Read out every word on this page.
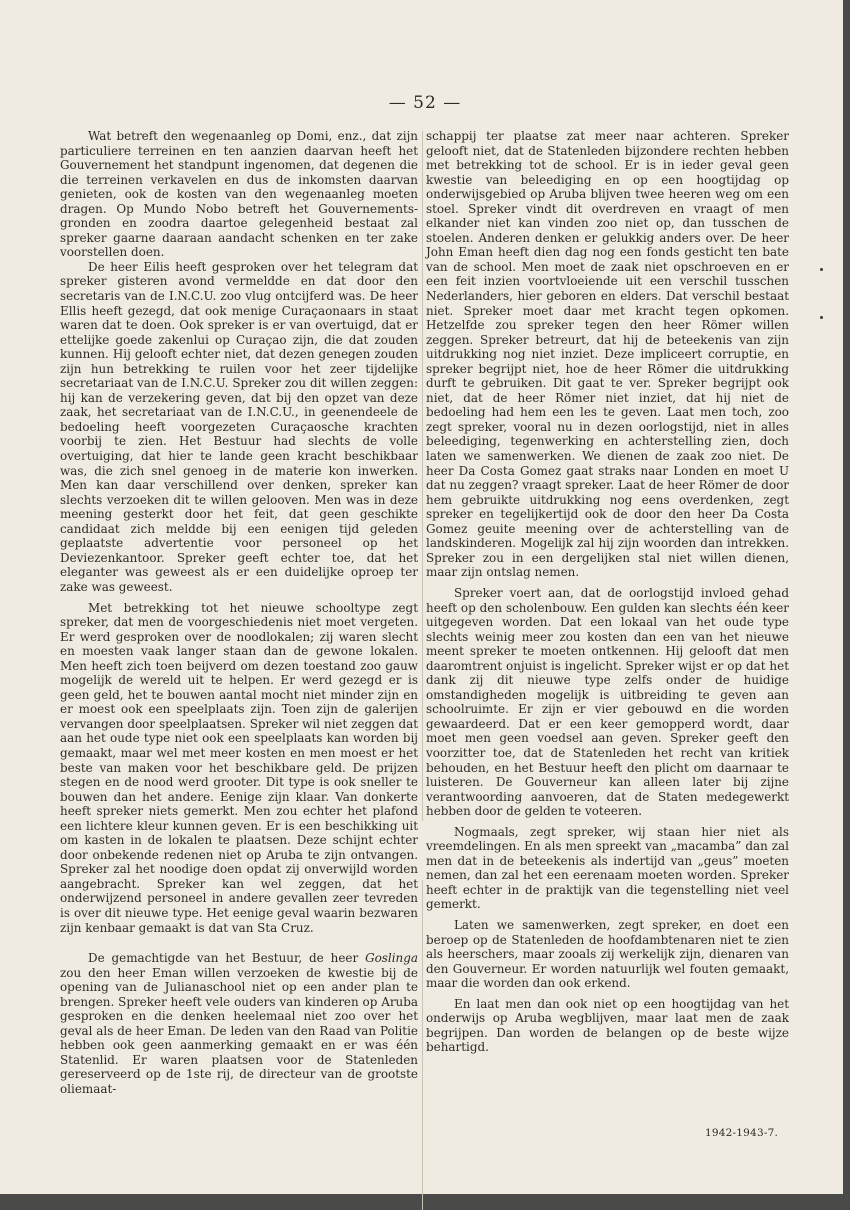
— 52 —

Wat betreft den wegenaanleg op Domi, enz., dat zijn particuliere terreinen en ten aanzien daarvan heeft het Gouvernement het standpunt ingenomen, dat degenen die die terreinen verkavelen en dus de inkomsten daarvan genieten, ook de kosten van den wegenaanleg moeten dragen. Op Mundo Nobo betreft het Gouvernements-gronden en zoodra daartoe gelegenheid bestaat zal spreker gaarne daaraan aandacht schenken en ter zake voorstellen doen.

De heer Eilis heeft gesproken over het telegram dat spreker gisteren avond vermeldde en dat door den secretaris van de I.N.C.U. zoo vlug ontcijferd was. De heer Ellis heeft gezegd, dat ook menige Curaçaonaars in staat waren dat te doen. Ook spreker is er van overtuigd, dat er ettelijke goede zakenlui op Curaçao zijn, die dat zouden kunnen. Hij gelooft echter niet, dat dezen genegen zouden zijn hun betrekking te ruilen voor het zeer tijdelijke secretariaat van de I.N.C.U. Spreker zou dit willen zeggen: hij kan de verzekering geven, dat bij den opzet van deze zaak, het secretariaat van de I.N.C.U., in geenendeele de bedoeling heeft voorgezeten Curaçaosche krachten voorbij te zien. Het Bestuur had slechts de volle overtuiging, dat hier te lande geen kracht beschikbaar was, die zich snel genoeg in de materie kon inwerken. Men kan daar verschillend over denken, spreker kan slechts verzoeken dit te willen gelooven. Men was in deze meening gesterkt door het feit, dat geen geschikte candidaat zich meldde bij een eenigen tijd geleden geplaatste advertentie voor personeel op het Deviezenkantoor. Spreker geeft echter toe, dat het eleganter was geweest als er een duidelijke oproep ter zake was geweest.

Met betrekking tot het nieuwe schooltype zegt spreker, dat men de voorgeschiedenis niet moet vergeten. Er werd gesproken over de noodlokalen; zij waren slecht en moesten vaak langer staan dan de gewone lokalen. Men heeft zich toen beijverd om dezen toestand zoo gauw mogelijk de wereld uit te helpen. Er werd gezegd er is geen geld, het te bouwen aantal mocht niet minder zijn en er moest ook een speelplaats zijn. Toen zijn de galerijen vervangen door speelplaatsen. Spreker wil niet zeggen dat aan het oude type niet ook een speelplaats kan worden bij gemaakt, maar wel met meer kosten en men moest er het beste van maken voor het beschikbare geld. De prijzen stegen en de nood werd grooter. Dit type is ook sneller te bouwen dan het andere. Eenige zijn klaar. Van donkerte heeft spreker niets gemerkt. Men zou echter het plafond een lichtere kleur kunnen geven. Er is een beschikking uit om kasten in de lokalen te plaatsen. Deze schijnt echter door onbekende redenen niet op Aruba te zijn ontvangen. Spreker zal het noodige doen opdat zij onverwijld worden aangebracht. Spreker kan wel zeggen, dat het onderwijzend personeel in andere gevallen zeer tevreden is over dit nieuwe type. Het eenige geval waarin bezwaren zijn kenbaar gemaakt is dat van Sta Cruz.

De gemachtigde van het Bestuur, de heer Goslinga zou den heer Eman willen verzoeken de kwestie bij de opening van de Julianaschool niet op een ander plan te brengen. Spreker heeft vele ouders van kinderen op Aruba gesproken en die denken heelemaal niet zoo over het geval als de heer Eman. De leden van den Raad van Politie hebben ook geen aanmerking gemaakt en er was één Statenlid. Er waren plaatsen voor de Statenleden gereserveerd op de 1ste rij, de directeur van de grootste oliemaat-

schappij ter plaatse zat meer naar achteren. Spreker gelooft niet, dat de Statenleden bijzondere rechten hebben met betrekking tot de school. Er is in ieder geval geen kwestie van beleediging en op een hoogtijdag op onderwijsgebied op Aruba blijven twee heeren weg om een stoel. Spreker vindt dit overdreven en vraagt of men elkander niet kan vinden zoo niet op, dan tusschen de stoelen. Anderen denken er gelukkig anders over. De heer John Eman heeft dien dag nog een fonds gesticht ten bate van de school. Men moet de zaak niet opschroeven en er een feit inzien voortvloeiende uit een verschil tusschen Nederlanders, hier geboren en elders. Dat verschil bestaat niet. Spreker moet daar met kracht tegen opkomen. Hetzelfde zou spreker tegen den heer Römer willen zeggen. Spreker betreurt, dat hij de beteekenis van zijn uitdrukking nog niet inziet. Deze impliceert corruptie, en spreker begrijpt niet, hoe de heer Römer die uitdrukking durft te gebruiken. Dit gaat te ver. Spreker begrijpt ook niet, dat de heer Römer niet inziet, dat hij niet de bedoeling had hem een les te geven. Laat men toch, zoo zegt spreker, vooral nu in dezen oorlogstijd, niet in alles beleediging, tegenwerking en achterstelling zien, doch laten we samenwerken. We dienen de zaak zoo niet. De heer Da Costa Gomez gaat straks naar Londen en moet U dat nu zeggen? vraagt spreker. Laat de heer Römer de door hem gebruikte uitdrukking nog eens overdenken, zegt spreker en tegelijkertijd ook de door den heer Da Costa Gomez geuite meening over de achterstelling van de landskinderen. Mogelijk zal hij zijn woorden dan intrekken. Spreker zou in een dergelijken stal niet willen dienen, maar zijn ontslag nemen.

Spreker voert aan, dat de oorlogstijd invloed gehad heeft op den scholenbouw. Een gulden kan slechts één keer uitgegeven worden. Dat een lokaal van het oude type slechts weinig meer zou kosten dan een van het nieuwe meent spreker te moeten ontkennen. Hij gelooft dat men daaromtrent onjuist is ingelicht. Spreker wijst er op dat het dank zij dit nieuwe type zelfs onder de huidige omstandigheden mogelijk is uitbreiding te geven aan schoolruimte. Er zijn er vier gebouwd en die worden gewaardeerd. Dat er een keer gemopperd wordt, daar moet men geen voedsel aan geven. Spreker geeft den voorzitter toe, dat de Statenleden het recht van kritiek behouden, en het Bestuur heeft den plicht om daarnaar te luisteren. De Gouverneur kan alleen later bij zijne verantwoording aanvoeren, dat de Staten medegewerkt hebben door de gelden te voteeren.

Nogmaals, zegt spreker, wij staan hier niet als vreemdelingen. En als men spreekt van „macamba” dan zal men dat in de beteekenis als indertijd van „geus” moeten nemen, dan zal het een eerenaam moeten worden. Spreker heeft echter in de praktijk van die tegenstelling niet veel gemerkt.

Laten we samenwerken, zegt spreker, en doet een beroep op de Statenleden de hoofdambtenaren niet te zien als heerschers, maar zooals zij werkelijk zijn, dienaren van den Gouverneur. Er worden natuurlijk wel fouten gemaakt, maar die worden dan ook erkend.

En laat men dan ook niet op een hoogtijdag van het onderwijs op Aruba wegblijven, maar laat men de zaak begrijpen. Dan worden de belangen op de beste wijze behartigd.

1942-1943-7.
